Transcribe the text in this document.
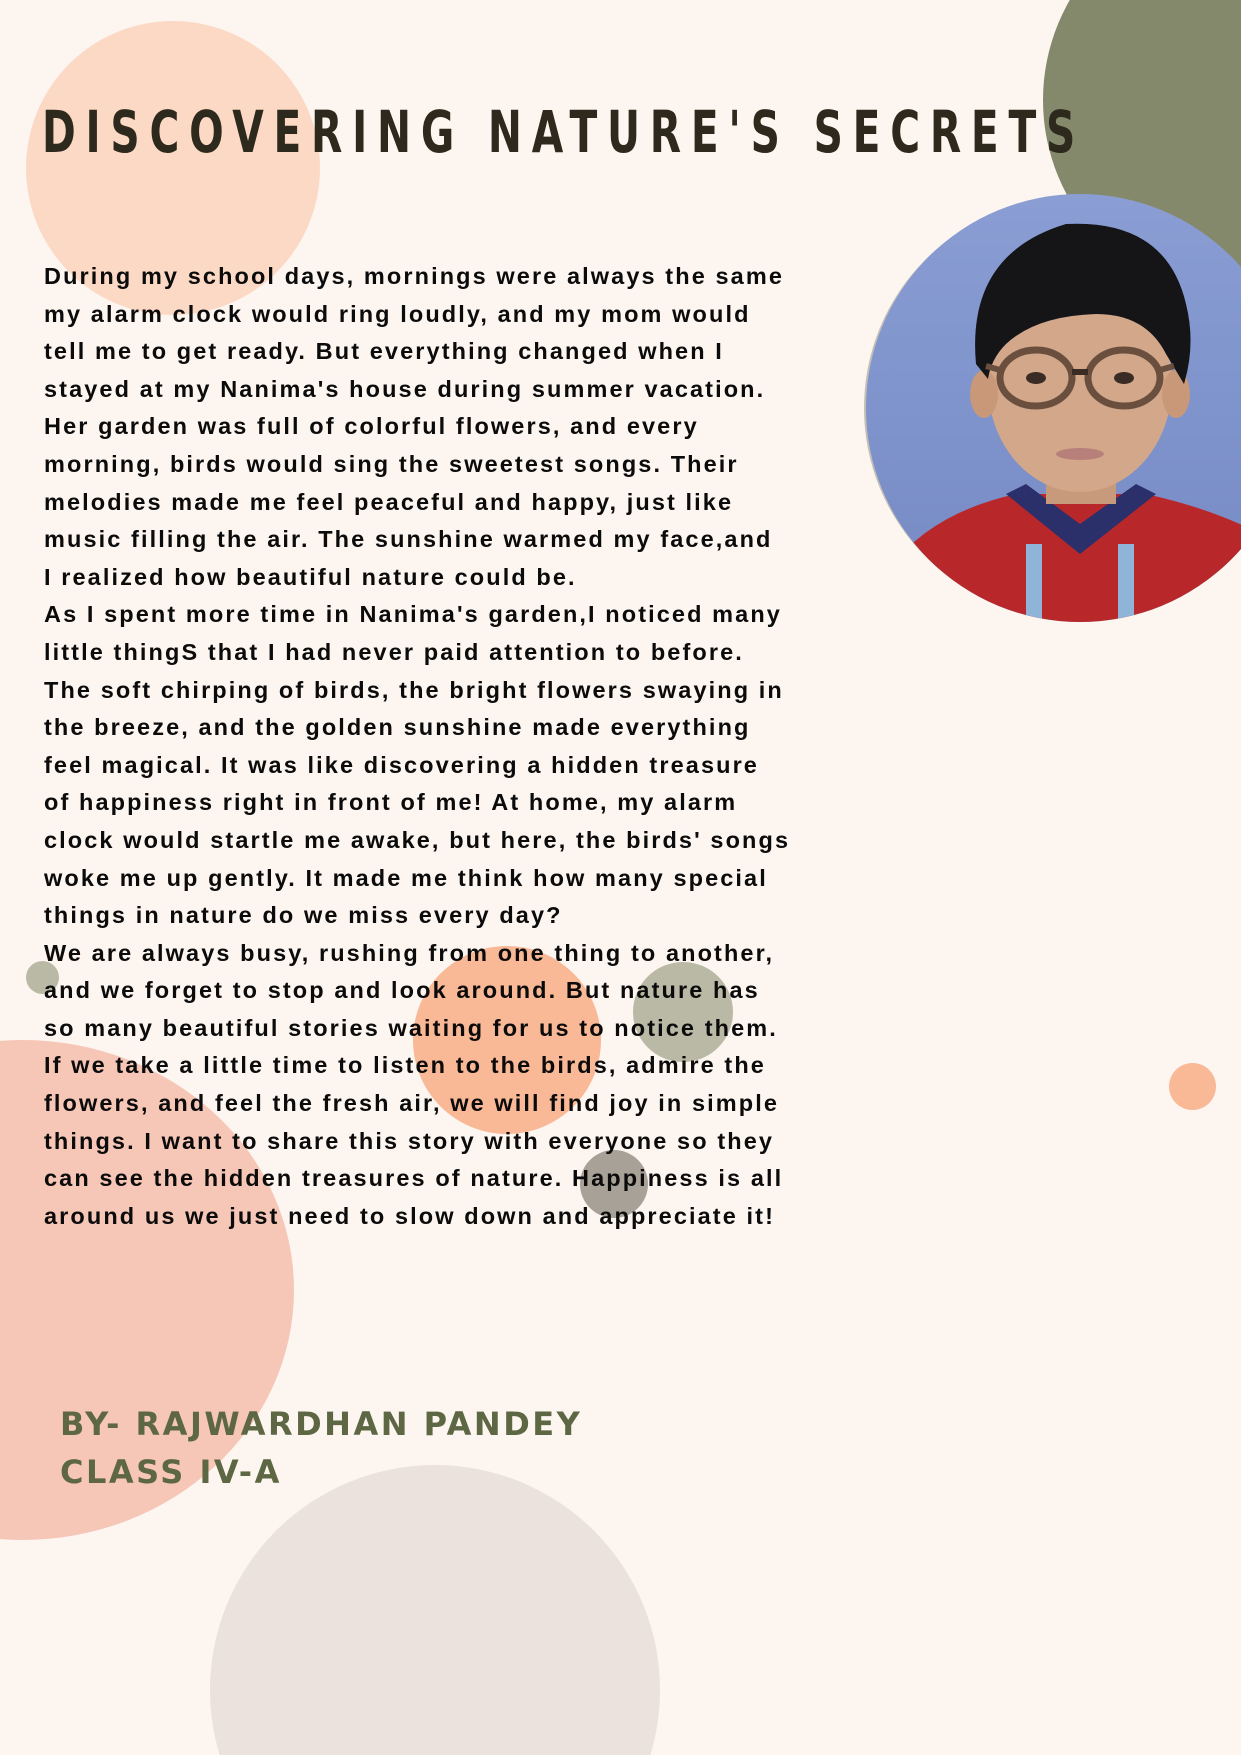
DISCOVERING NATURE'S SECRETS

During my school days, mornings were always the same
my alarm clock would ring loudly, and my mom would
tell me to get ready. But everything changed when I
stayed at my Nanima's house during summer vacation.
Her garden was full of colorful flowers, and every
morning, birds would sing the sweetest songs. Their
melodies made me feel peaceful and happy, just like
music filling the air. The sunshine warmed my face,and
I realized how beautiful nature could be.

As I spent more time in Nanima's garden,I noticed many
little thingS that I had never paid attention to before.
The soft chirping of birds, the bright flowers swaying in
the breeze, and the golden sunshine made everything
feel magical. It was like discovering a hidden treasure
of happiness right in front of me! At home, my alarm
clock would startle me awake, but here, the birds' songs
woke me up gently. It made me think how many special
things in nature do we miss every day?

We are always busy, rushing from one thing to another,
and we forget to stop and look around. But nature has
so many beautiful stories waiting for us to notice them.
If we take a little time to listen to the birds, admire the
flowers, and feel the fresh air, we will find joy in simple
things. I want to share this story with everyone so they
can see the hidden treasures of nature. Happiness is all
around us we just need to slow down and appreciate it!

BY- RAJWARDHAN PANDEY
CLASS IV-A
